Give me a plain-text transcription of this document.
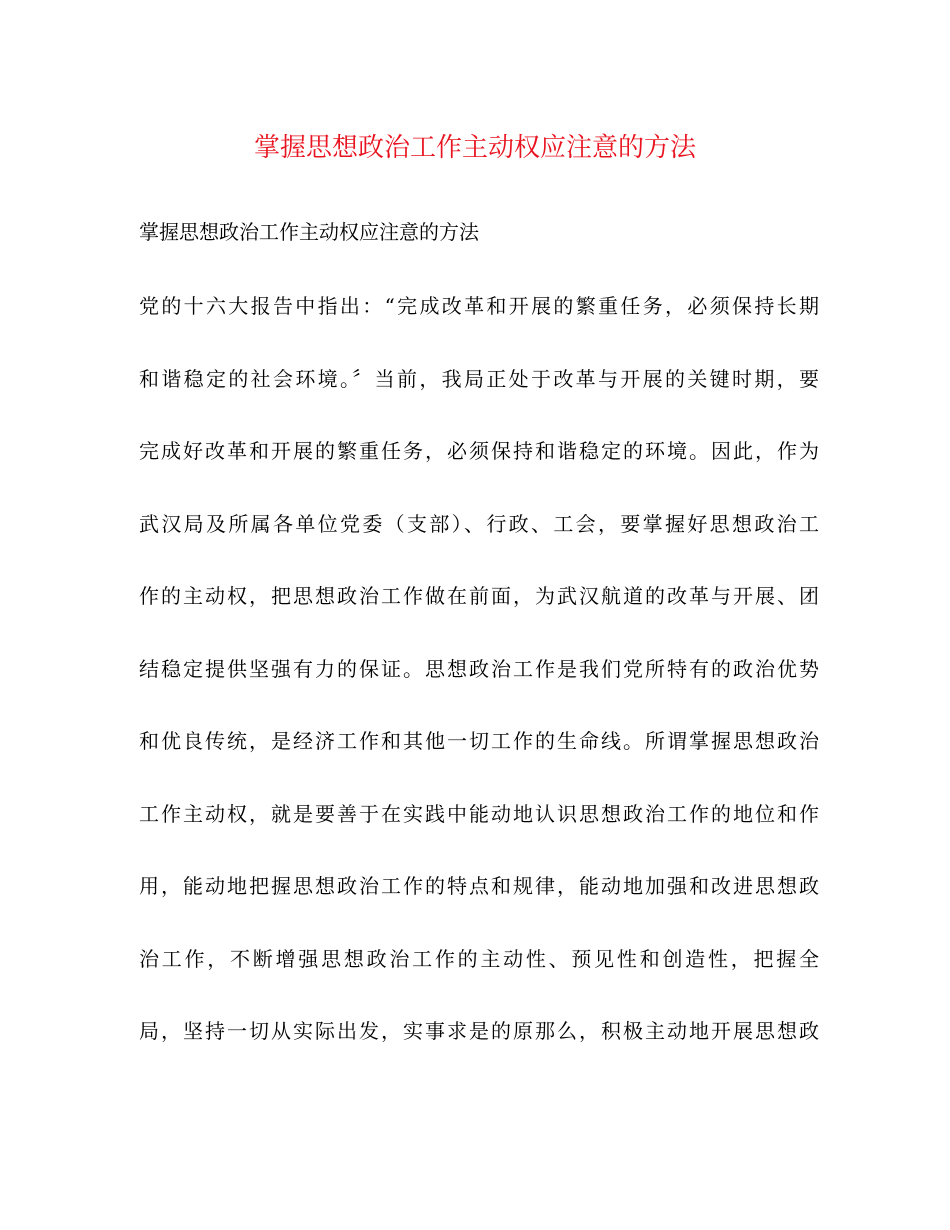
掌握思想政治工作主动权应注意的方法

掌握思想政治工作主动权应注意的方法

党的十六大报告中指出：“完成改革和开展的繁重任务，必须保持长期

和谐稳定的社会环境。〞当前，我局正处于改革与开展的关键时期，要

完成好改革和开展的繁重任务，必须保持和谐稳定的环境。因此，作为

武汉局及所属各单位党委（支部）、行政、工会，要掌握好思想政治工

作的主动权，把思想政治工作做在前面，为武汉航道的改革与开展、团

结稳定提供坚强有力的保证。思想政治工作是我们党所特有的政治优势

和优良传统，是经济工作和其他一切工作的生命线。所谓掌握思想政治

工作主动权，就是要善于在实践中能动地认识思想政治工作的地位和作

用，能动地把握思想政治工作的特点和规律，能动地加强和改进思想政

治工作，不断增强思想政治工作的主动性、预见性和创造性，把握全

局，坚持一切从实际出发，实事求是的原那么，积极主动地开展思想政
